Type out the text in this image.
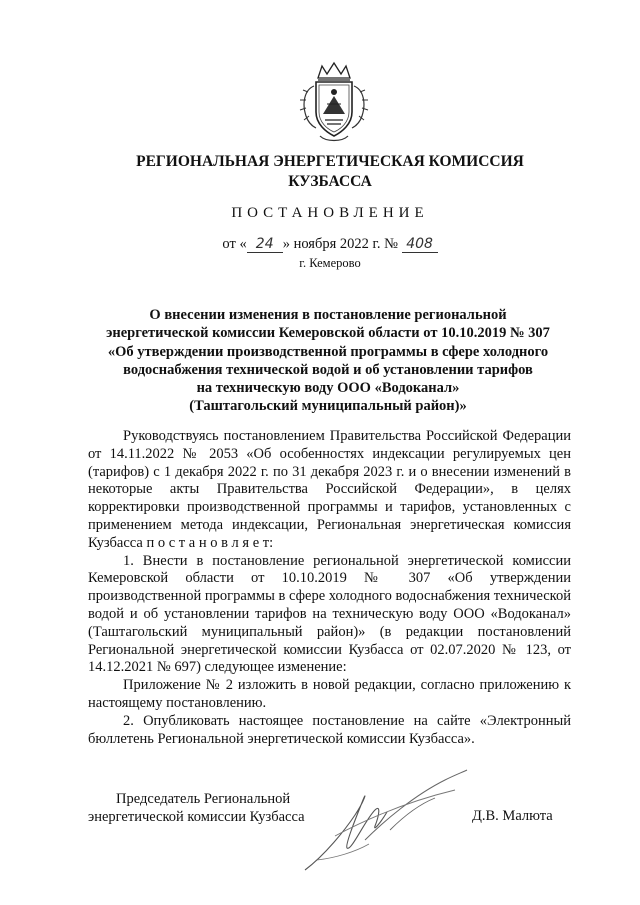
РЕГИОНАЛЬНАЯ ЭНЕРГЕТИЧЕСКАЯ КОМИССИЯ
КУЗБАССА
ПОСТАНОВЛЕНИЕ
от « 24 » ноября 2022 г. № 408
г. Кемерово
О внесении изменения в постановление региональной
энергетической комиссии Кемеровской области от 10.10.2019 № 307
«Об утверждении производственной программы в сфере холодного
водоснабжения технической водой и об установлении тарифов
на техническую воду ООО «Водоканал»
(Таштагольский муниципальный район)»

Руководствуясь постановлением Правительства Российской Федерации от 14.11.2022 № 2053 «Об особенностях индексации регулируемых цен (тарифов) с 1 декабря 2022 г. по 31 декабря 2023 г. и о внесении изменений в некоторые акты Правительства Российской Федерации», в целях корректировки производственной программы и тарифов, установленных с применением метода индексации, Региональная энергетическая комиссия Кузбасса п о с т а н о в л я е т:

1. Внести в постановление региональной энергетической комиссии Кемеровской области от 10.10.2019 № 307 «Об утверждении производственной программы в сфере холодного водоснабжения технической водой и об установлении тарифов на техническую воду ООО «Водоканал» (Таштагольский муниципальный район)» (в редакции постановлений Региональной энергетической комиссии Кузбасса от 02.07.2020 № 123, от 14.12.2021 № 697) следующее изменение:

Приложение № 2 изложить в новой редакции, согласно приложению к настоящему постановлению.

2. Опубликовать настоящее постановление на сайте «Электронный бюллетень Региональной энергетической комиссии Кузбасса».

Председатель Региональной
энергетической комиссии Кузбасса	Д.В. Малюта
